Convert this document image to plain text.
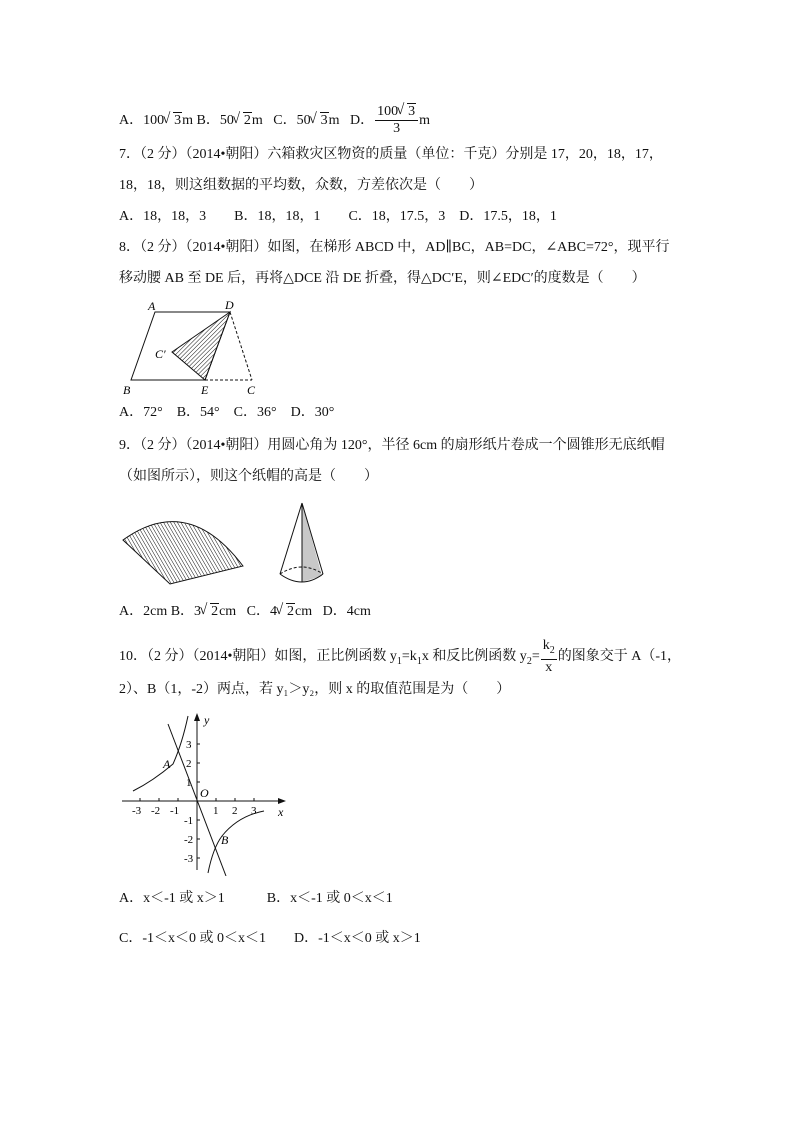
A．100 √ 3m B．50 √ 2m C．50 √ 3m D． $\frac{100 √ 3}{3}$ m
7．（2 分）（2014•朝阳）六箱救灾区物资的质量（单位：千克）分别是 17，20，18，17，
18，18，则这组数据的平均数，众数，方差依次是（　　）
A．18，18，3　　B．18，18，1　　C．18，17.5，3　D．17.5，18，1
8．（2 分）（2014•朝阳）如图，在梯形 ABCD 中，AD∥BC，AB=DC，∠ABC=72°，现平行
移动腰 AB 至 DE 后，再将△DCE 沿 DE 折叠，得△DC′E，则∠EDC′的度数是（　　）
A	D
C′
B	E	C
A．72°　B．54°　C．36°　D．30°
9．（2 分）（2014•朝阳）用圆心角为 120°，半径 6cm 的扇形纸片卷成一个圆锥形无底纸帽
（如图所示），则这个纸帽的高是（　　）
A．2cm B．3 √ 2cm C．4 √ 2cm D．4cm
10．（2 分）（2014•朝阳）如图，正比例函数 $y_1=k_1x$ 和反比例函数 $y_2= \frac{k_2}{x}$ 的图象交于 A（-1，
2）、B（1，-2）两点，若 y₁＞y₂，则 x 的取值范围是为（　　）
y
x
O
A
B
-3 -2 -1	1 2 3
3
2
1
-1
-2
-3
A．x＜-1 或 x＞1　　　B．x＜-1 或 0＜x＜1
C．-1＜x＜0 或 0＜x＜1　　D．-1＜x＜0 或 x＞1
